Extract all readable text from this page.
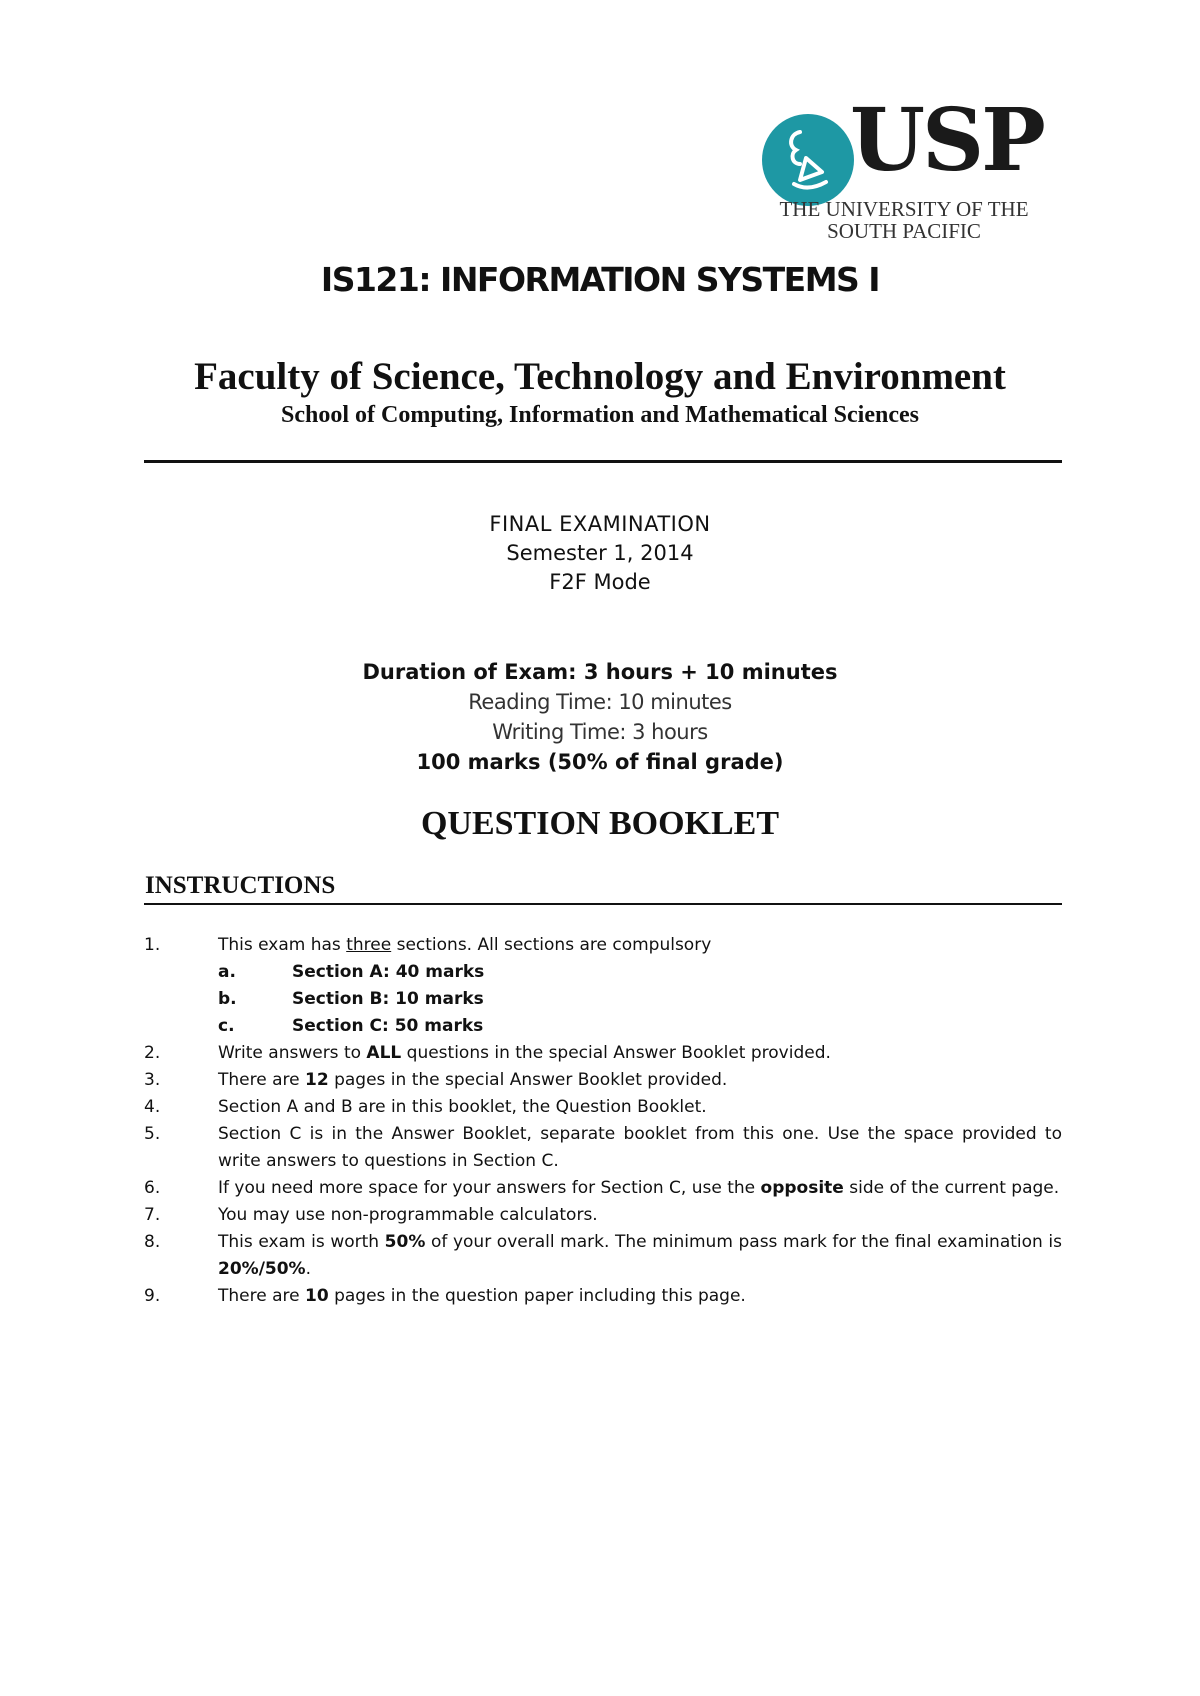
USP
THE UNIVERSITY OF THE
SOUTH PACIFIC
IS121: INFORMATION SYSTEMS I
Faculty of Science, Technology and Environment
School of Computing, Information and Mathematical Sciences
FINAL EXAMINATION
Semester 1, 2014
F2F Mode
Duration of Exam: 3 hours + 10 minutes
Reading Time: 10 minutes
Writing Time: 3 hours
100 marks (50% of final grade)
QUESTION BOOKLET
INSTRUCTIONS
1.	This exam has three sections. All sections are compulsory
a.	Section A: 40 marks
b.	Section B: 10 marks
c.	Section C: 50 marks
2.	Write answers to ALL questions in the special Answer Booklet provided.
3.	There are 12 pages in the special Answer Booklet provided.
4.	Section A and B are in this booklet, the Question Booklet.
5.	Section C is in the Answer Booklet, separate booklet from this one. Use the space provided to write answers to questions in Section C.
6.	If you need more space for your answers for Section C, use the opposite side of the current page.
7.	You may use non-programmable calculators.
8.	This exam is worth 50% of your overall mark. The minimum pass mark for the final examination is 20%/50%.
9.	There are 10 pages in the question paper including this page.
